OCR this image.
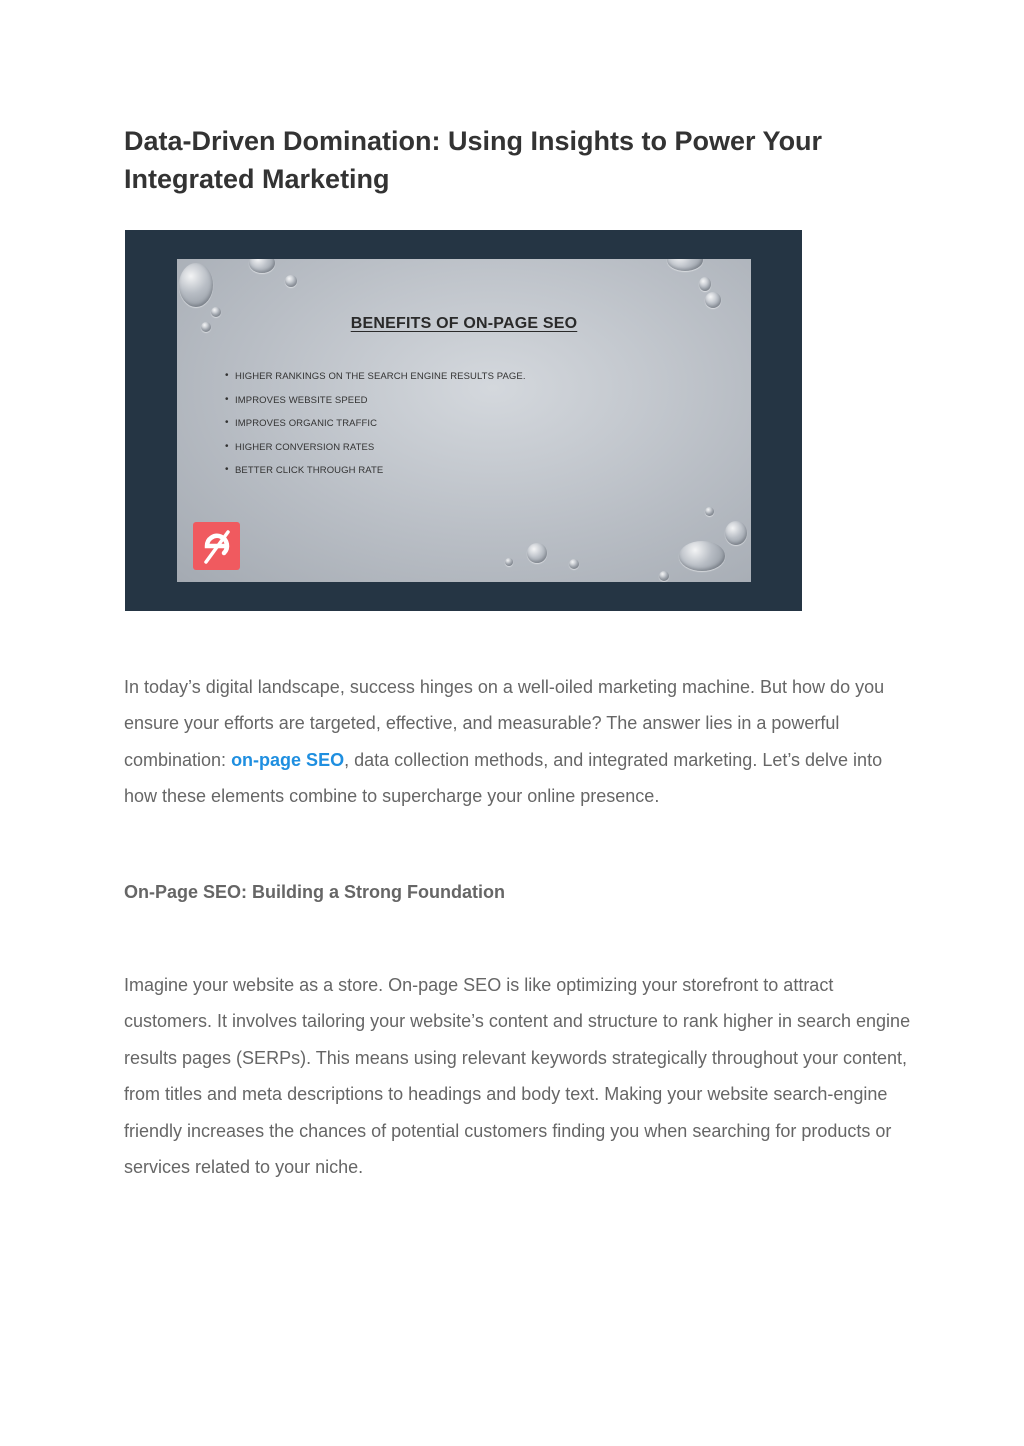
Data-Driven Domination: Using Insights to Power Your Integrated Marketing
BENEFITS OF ON-PAGE SEO
• HIGHER RANKINGS ON THE SEARCH ENGINE RESULTS PAGE.
• IMPROVES WEBSITE SPEED
• IMPROVES ORGANIC TRAFFIC
• HIGHER CONVERSION RATES
• BETTER CLICK THROUGH RATE

In today’s digital landscape, success hinges on a well-oiled marketing machine. But how do you ensure your efforts are targeted, effective, and measurable? The answer lies in a powerful combination: on-page SEO, data collection methods, and integrated marketing. Let’s delve into how these elements combine to supercharge your online presence.

On-Page SEO: Building a Strong Foundation

Imagine your website as a store. On-page SEO is like optimizing your storefront to attract customers. It involves tailoring your website’s content and structure to rank higher in search engine results pages (SERPs). This means using relevant keywords strategically throughout your content, from titles and meta descriptions to headings and body text. Making your website search-engine friendly increases the chances of potential customers finding you when searching for products or services related to your niche.
